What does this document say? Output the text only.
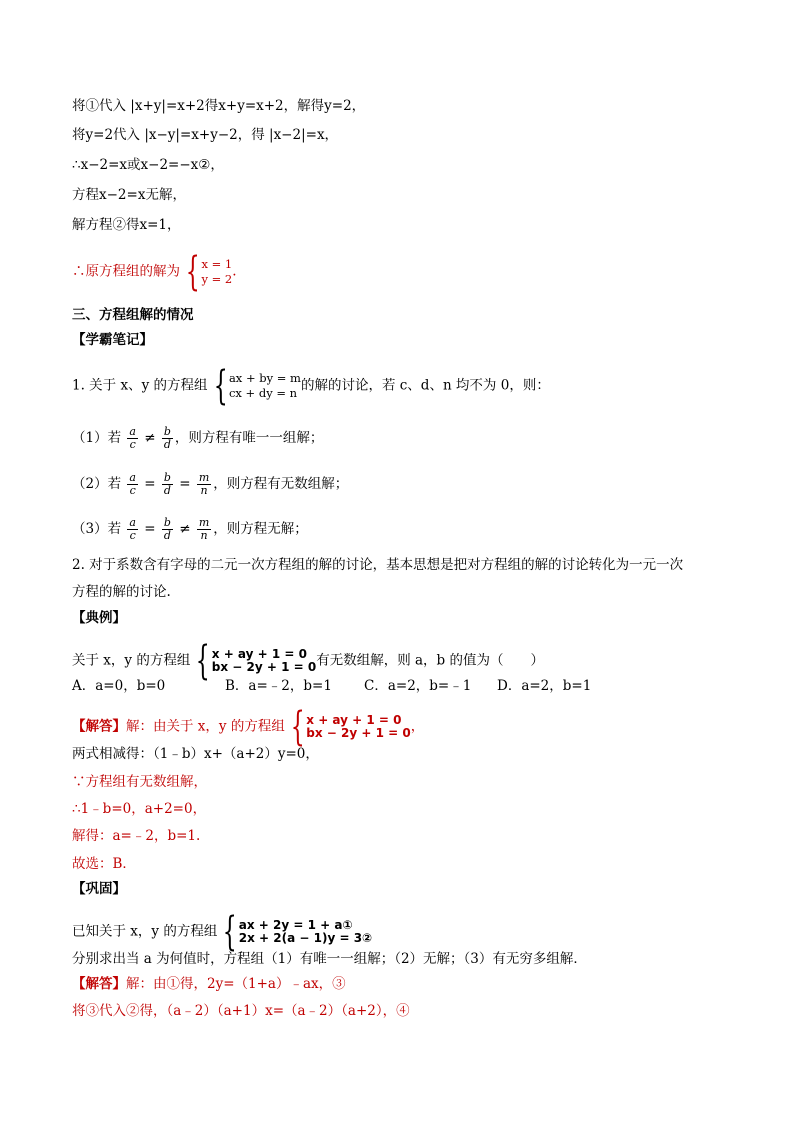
将①代入 |x+y|=x+2得x+y=x+2，解得y=2，
将y=2代入 |x−y|=x+y−2，得 |x−2|=x，
∴x−2=x或x−2=−x②，
方程x−2=x无解，
解方程②得x=1，
∴原方程组的解为 { x = 1
y = 2 .
三、方程组解的情况
【学霸笔记】
1. 关于 x、y 的方程组 { ax + by = m
cx + dy = n 的解的讨论，若 c、d、n 均不为 0，则：
（1）若 $\frac{a}{c} \ne \frac{b}{d}$ ，则方程有唯一一组解；
（2）若 $\frac{a}{c} = \frac{b}{d} = \frac{m}{n}$ ，则方程有无数组解；
（3）若 $\frac{a}{c} = \frac{b}{d} \ne \frac{m}{n}$ ，则方程无解；
2. 对于系数含有字母的二元一次方程组的解的讨论，基本思想是把对方程组的解的讨论转化为一元一次
方程的解的讨论.
【典例】
关于 x，y 的方程组 { x + ay + 1 = 0
bx − 2y + 1 = 0 有无数组解，则 a，b 的值为（　　）
A．a=0，b=0	B．a=﹣2，b=1 C．a=2，b=﹣1 D．a=2，b=1
【解答】解：由关于 x，y 的方程组 { x + ay + 1 = 0
bx − 2y + 1 = 0 ，
两式相减得：（1﹣b）x+（a+2）y=0，
∵方程组有无数组解，
∴1﹣b=0，a+2=0，
解得：a=﹣2，b=1.
故选：B．
【巩固】
已知关于 x，y 的方程组 { ax + 2y = 1 + a①
2x + 2(a − 1)y = 3②
分别求出当 a 为何值时，方程组（1）有唯一一组解；（2）无解；（3）有无穷多组解．
【解答】解：由①得，2y=（1+a）﹣ax，③
将③代入②得，（a﹣2）（a+1）x=（a﹣2）（a+2），④
